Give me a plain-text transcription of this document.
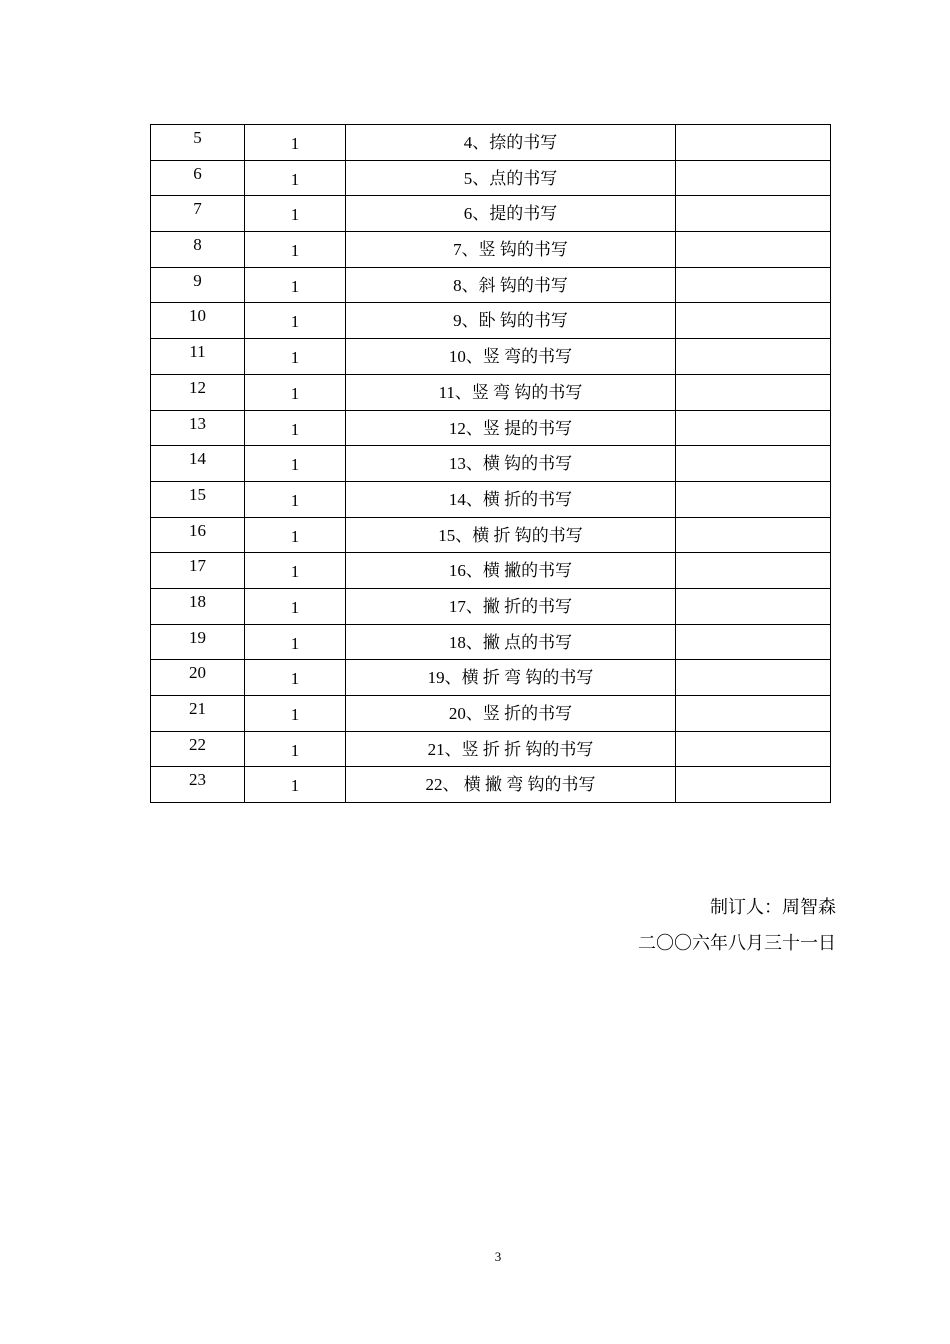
5	1	4、捺的书写	
6	1	5、点的书写	
7	1	6、提的书写	
8	1	7、竖 钩的书写	
9	1	8、斜 钩的书写	
10	1	9、卧 钩的书写	
11	1	10、竖 弯的书写	
12	1	11、竖 弯 钩的书写	
13	1	12、竖 提的书写	
14	1	13、横 钩的书写	
15	1	14、横 折的书写	
16	1	15、横 折 钩的书写	
17	1	16、横 撇的书写	
18	1	17、撇 折的书写	
19	1	18、撇 点的书写	
20	1	19、横 折 弯 钩的书写	
21	1	20、竖 折的书写	
22	1	21、竖 折 折 钩的书写	
23	1	22、 横 撇 弯 钩的书写	
制订人：周智森
二〇〇六年八月三十一日
3
